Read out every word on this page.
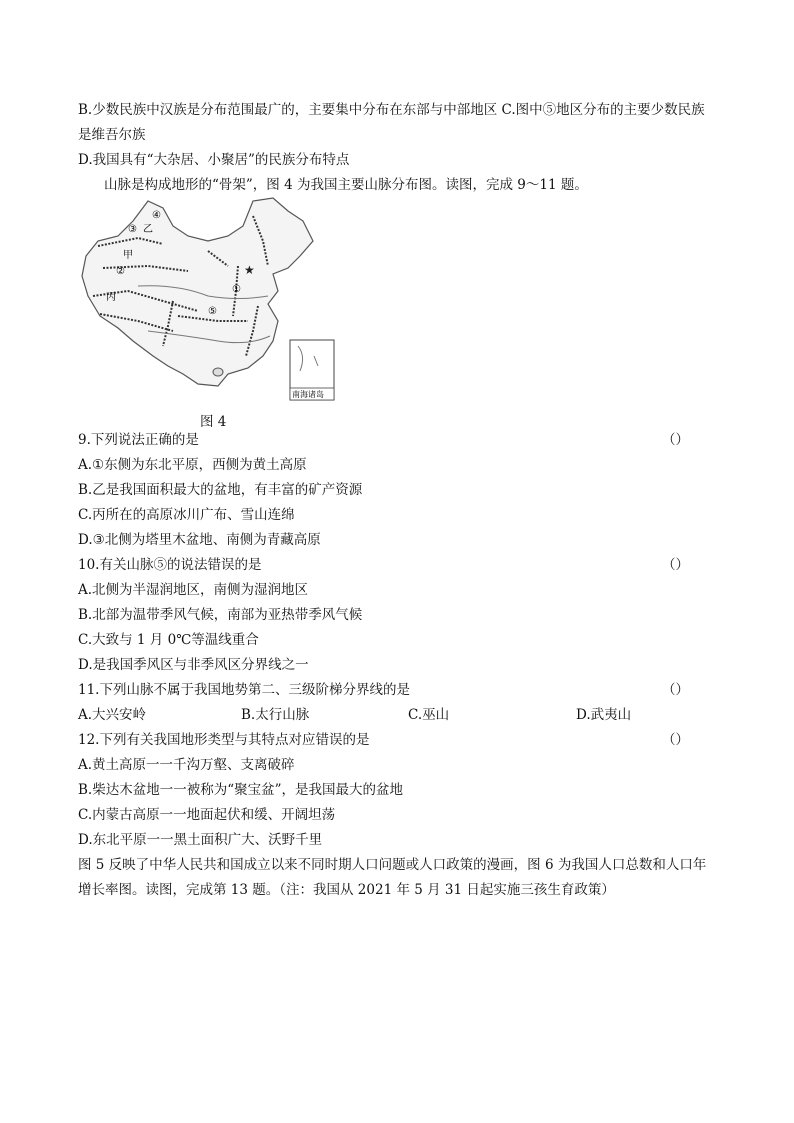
B.少数民族中汉族是分布范围最广的，主要集中分布在东部与中部地区 C.图中⑤地区分布的主要少数民族
是维吾尔族
D.我国具有“大杂居、小聚居”的民族分布特点
山脉是构成地形的“骨架”，图 4 为我国主要山脉分布图。读图，完成 9～11 题。
★
④
③ 乙
甲
②
丙
①
⑤
南海诸岛
图 4
9.下列说法正确的是	（）
A.①东侧为东北平原，西侧为黄土高原
B.乙是我国面积最大的盆地，有丰富的矿产资源
C.丙所在的高原冰川广布、雪山连绵
D.③北侧为塔里木盆地、南侧为青藏高原
10.有关山脉⑤的说法错误的是	（）
A.北侧为半湿润地区，南侧为湿润地区
B.北部为温带季风气候，南部为亚热带季风气候
C.大致与 1 月 0℃等温线重合
D.是我国季风区与非季风区分界线之一
11.下列山脉不属于我国地势第二、三级阶梯分界线的是	（）
A.大兴安岭	B.太行山脉	C.巫山	D.武夷山
12.下列有关我国地形类型与其特点对应错误的是	（）
A.黄土高原一一千沟万壑、支离破碎
B.柴达木盆地一一被称为“聚宝盆”，是我国最大的盆地
C.内蒙古高原一一地面起伏和缓、开阔坦荡
D.东北平原一一黑土面积广大、沃野千里
图 5 反映了中华人民共和国成立以来不同时期人口问题或人口政策的漫画，图 6 为我国人口总数和人口年
增长率图。读图，完成第 13 题。（注：我国从 2021 年 5 月 31 日起实施三孩生育政策）
